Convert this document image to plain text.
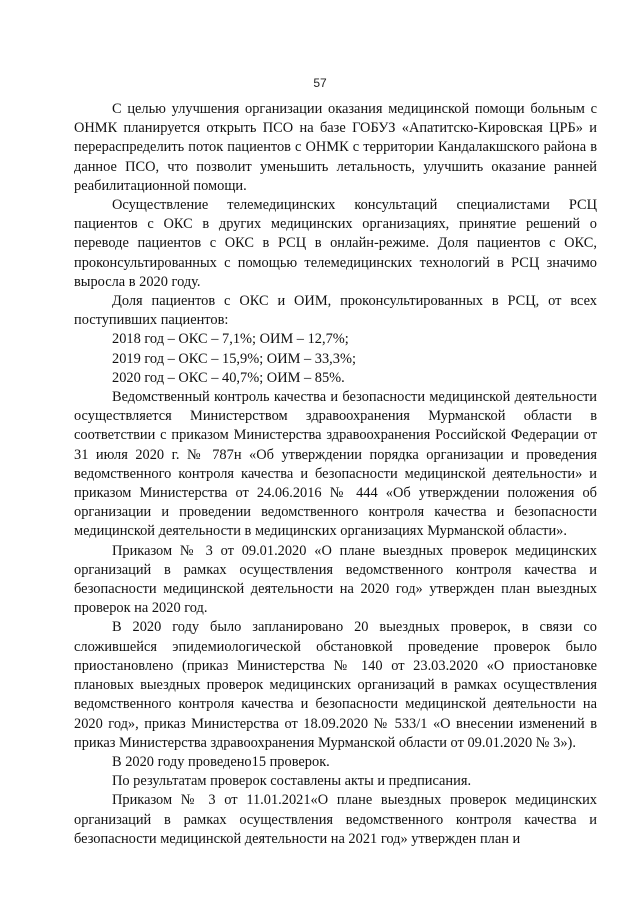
57

С целью улучшения организации оказания медицинской помощи больным с ОНМК планируется открыть ПСО на базе ГОБУЗ «Апатитско-Кировская ЦРБ» и перераспределить поток пациентов с ОНМК с территории Кандалакшского района в данное ПСО, что позволит уменьшить летальность, улучшить оказание ранней реабилитационной помощи.

Осуществление телемедицинских консультаций специалистами РСЦ пациентов с ОКС в других медицинских организациях, принятие решений о переводе пациентов с ОКС в РСЦ в онлайн-режиме. Доля пациентов с ОКС, проконсультированных с помощью телемедицинских технологий в РСЦ значимо выросла в 2020 году.

Доля пациентов с ОКС и ОИМ, проконсультированных в РСЦ, от всех поступивших пациентов:

2018 год – ОКС – 7,1%; ОИМ – 12,7%;

2019 год – ОКС – 15,9%; ОИМ – 33,3%;

2020 год – ОКС – 40,7%; ОИМ – 85%.

Ведомственный контроль качества и безопасности медицинской деятельности осуществляется Министерством здравоохранения Мурманской области в соответствии с приказом Министерства здравоохранения Российской Федерации от 31 июля 2020 г. № 787н «Об утверждении порядка организации и проведения ведомственного контроля качества и безопасности медицинской деятельности» и приказом Министерства от 24.06.2016 № 444 «Об утверждении положения об организации и проведении ведомственного контроля качества и безопасности медицинской деятельности в медицинских организациях Мурманской области».

Приказом № 3 от 09.01.2020 «О плане выездных проверок медицинских организаций в рамках осуществления ведомственного контроля качества и безопасности медицинской деятельности на 2020 год» утвержден план выездных проверок на 2020 год.

В 2020 году было запланировано 20 выездных проверок, в связи со сложившейся эпидемиологической обстановкой проведение проверок было приостановлено (приказ Министерства № 140 от 23.03.2020 «О приостановке плановых выездных проверок медицинских организаций в рамках осуществления ведомственного контроля качества и безопасности медицинской деятельности на 2020 год», приказ Министерства от 18.09.2020 № 533/1 «О внесении изменений в приказ Министерства здравоохранения Мурманской области от 09.01.2020 № 3»).

В 2020 году проведено15 проверок.

По результатам проверок составлены акты и предписания.

Приказом № 3 от 11.01.2021«О плане выездных проверок медицинских организаций в рамках осуществления ведомственного контроля качества и безопасности медицинской деятельности на 2021 год» утвержден план и
